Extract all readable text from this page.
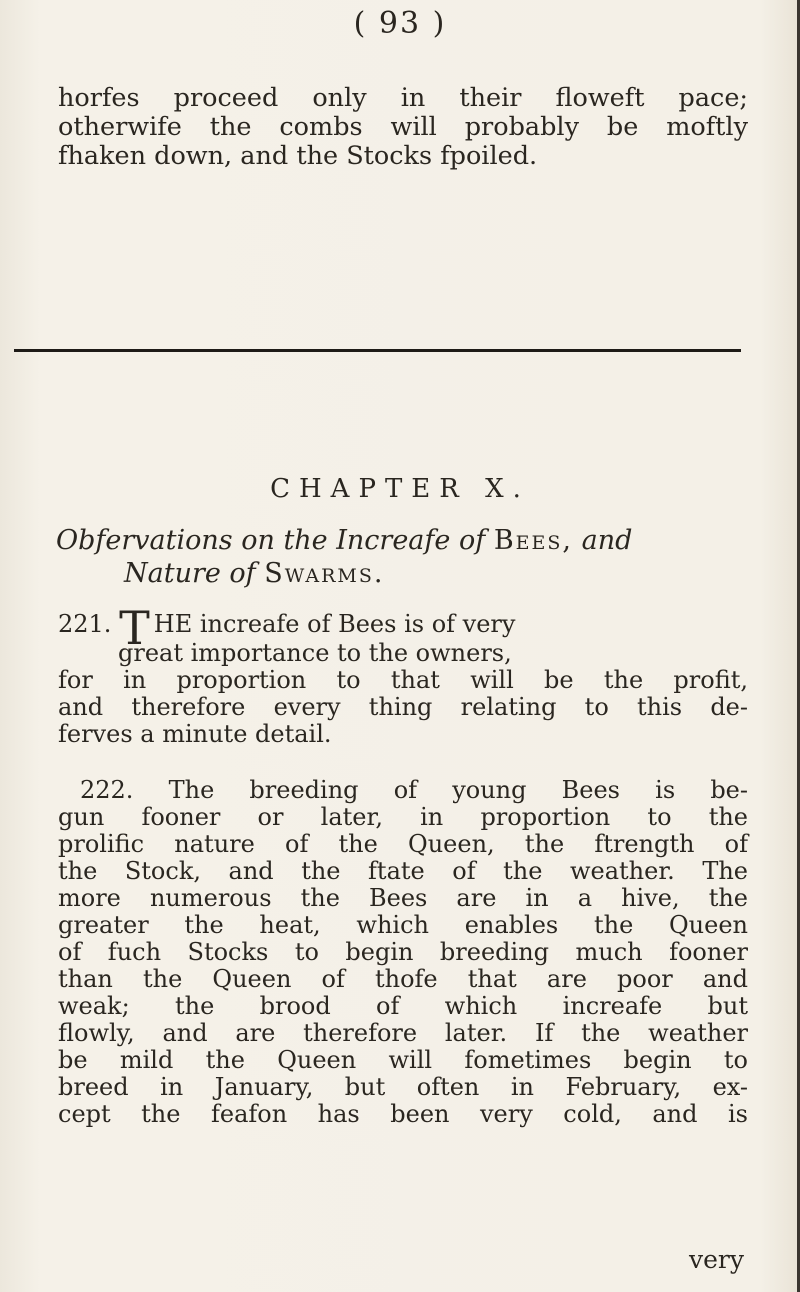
( 93 )
horfes proceed only in their floweft pace;
otherwife the combs will probably be moftly
fhaken down, and the Stocks fpoiled.
CHAPTER X.
Obfervations on the Increafe of Bees, and
Nature of Swarms.
221. T HE increafe of Bees is of very
great importance to the owners,
for in proportion to that will be the profit,
and therefore every thing relating to this de-
ferves a minute detail.
222. The breeding of young Bees is be-
gun fooner or later, in proportion to the
prolific nature of the Queen, the ftrength of
the Stock, and the ftate of the weather. The
more numerous the Bees are in a hive, the
greater the heat, which enables the Queen
of fuch Stocks to begin breeding much fooner
than the Queen of thofe that are poor and
weak; the brood of which increafe but
flowly, and are therefore later. If the weather
be mild the Queen will fometimes begin to
breed in January, but often in February, ex-
cept the feafon has been very cold, and is
very
